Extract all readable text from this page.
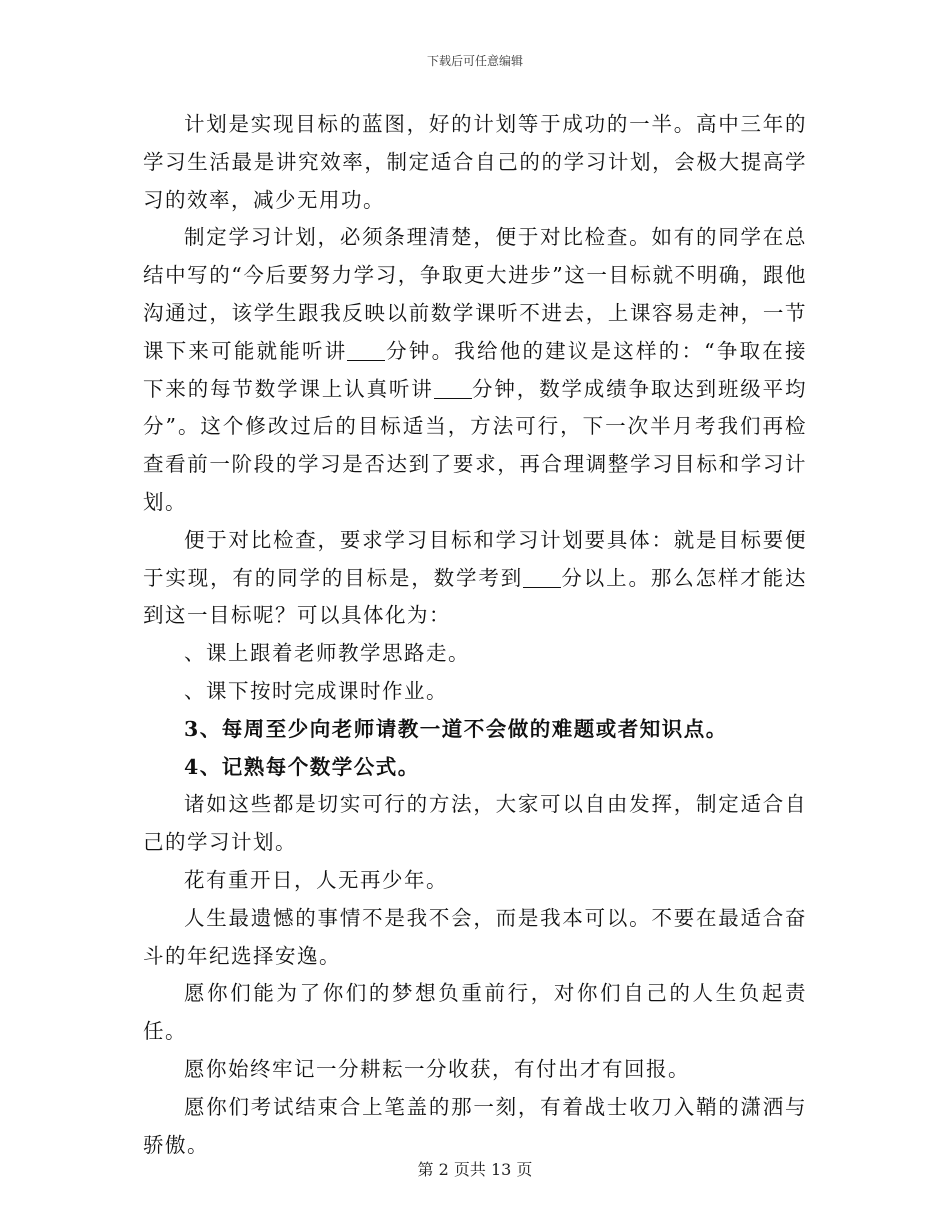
下载后可任意编辑

计划是实现目标的蓝图，好的计划等于成功的一半。高中三年的学习生活最是讲究效率，制定适合自己的的学习计划，会极大提高学习的效率，减少无用功。

制定学习计划，必须条理清楚，便于对比检查。如有的同学在总结中写的“今后要努力学习，争取更大进步”这一目标就不明确，跟他沟通过，该学生跟我反映以前数学课听不进去，上课容易走神，一节课下来可能就能听讲 分钟。我给他的建议是这样的：“争取在接下来的每节数学课上认真听讲 分钟，数学成绩争取达到班级平均分”。这个修改过后的目标适当，方法可行，下一次半月考我们再检查看前一阶段的学习是否达到了要求，再合理调整学习目标和学习计划。

便于对比检查，要求学习目标和学习计划要具体：就是目标要便于实现，有的同学的目标是，数学考到 分以上。那么怎样才能达到这一目标呢？可以具体化为：

、课上跟着老师教学思路走。

、课下按时完成课时作业。

3、每周至少向老师请教一道不会做的难题或者知识点。

4、记熟每个数学公式。

诸如这些都是切实可行的方法，大家可以自由发挥，制定适合自己的学习计划。

花有重开日，人无再少年。

人生最遗憾的事情不是我不会，而是我本可以。不要在最适合奋斗的年纪选择安逸。

愿你们能为了你们的梦想负重前行，对你们自己的人生负起责任。

愿你始终牢记一分耕耘一分收获，有付出才有回报。

愿你们考试结束合上笔盖的那一刻，有着战士收刀入鞘的潇洒与骄傲。

第 2 页共 13 页
